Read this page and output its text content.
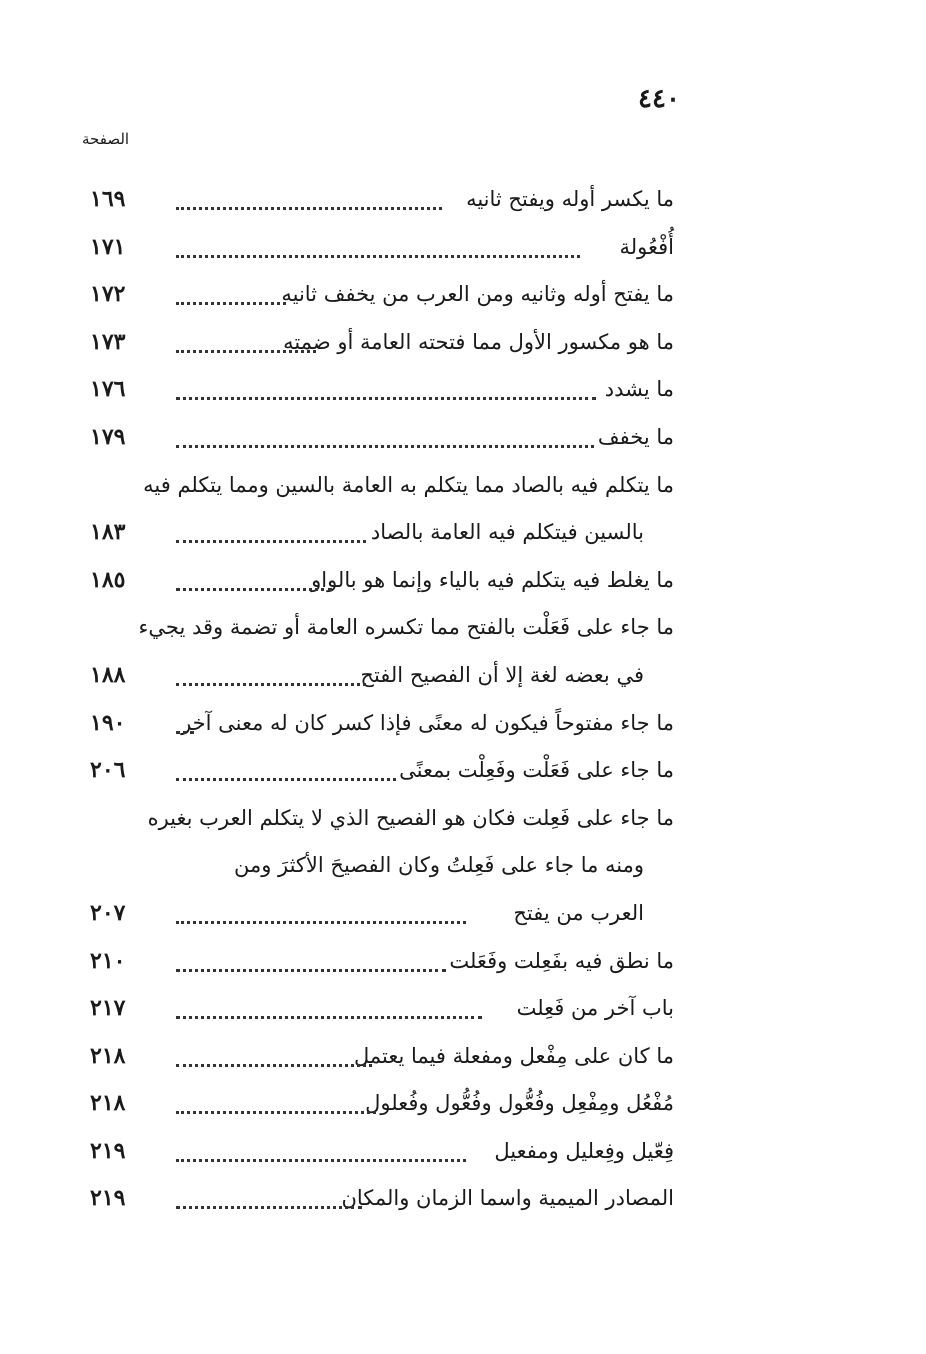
٤٤٠
الصفحة
ما يكسر أوله ويفتح ثانيه
١٦٩
أُفْعُولة
١٧١
ما يفتح أوله وثانيه ومن العرب من يخفف ثانيه
١٧٢
ما هو مكسور الأول مما فتحته العامة أو ضمته
١٧٣
ما يشدد
١٧٦
ما يخفف
١٧٩
ما يتكلم فيه بالصاد مما يتكلم به العامة بالسين ومما يتكلم فيه
بالسين فيتكلم فيه العامة بالصاد
١٨٣
ما يغلط فيه يتكلم فيه بالياء وإنما هو بالواو
١٨٥
ما جاء على فَعَلْت بالفتح مما تكسره العامة أو تضمة وقد يجيء
في بعضه لغة إلا أن الفصيح الفتح
١٨٨
ما جاء مفتوحاً فيكون له معنًى فإذا كسر كان له معنى آخر
١٩٠
ما جاء على فَعَلْت وفَعِلْت بمعنًى
٢٠٦
ما جاء على فَعِلت فكان هو الفصيح الذي لا يتكلم العرب بغيره
ومنه ما جاء على فَعِلتُ وكان الفصيحَ الأكثرَ ومن
العرب من يفتح
٢٠٧
ما نطق فيه بفَعِلت وفَعَلت
٢١٠
باب آخر من فَعِلت
٢١٧
ما كان على مِفْعل ومفعلة فيما يعتمل
٢١٨
مُفْعُل ومِفْعِل وفُعُّول وفُعُّول وفُعلول
٢١٨
فِعّيل وفِعليل ومفعيل
٢١٩
المصادر الميمية واسما الزمان والمكان
٢١٩
